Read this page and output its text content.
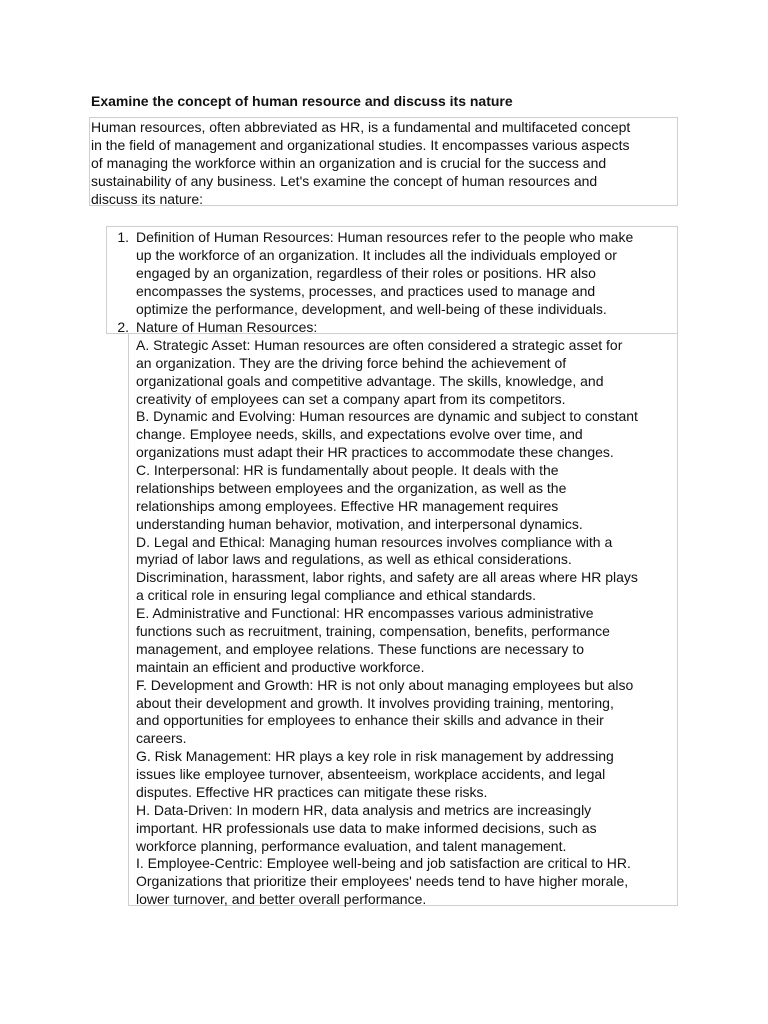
Examine the concept of human resource and discuss its nature
Human resources, often abbreviated as HR, is a fundamental and multifaceted concept
in the field of management and organizational studies. It encompasses various aspects
of managing the workforce within an organization and is crucial for the success and
sustainability of any business. Let's examine the concept of human resources and
discuss its nature:
1. Definition of Human Resources: Human resources refer to the people who make
up the workforce of an organization. It includes all the individuals employed or
engaged by an organization, regardless of their roles or positions. HR also
encompasses the systems, processes, and practices used to manage and
optimize the performance, development, and well-being of these individuals.
2. Nature of Human Resources:
A. Strategic Asset: Human resources are often considered a strategic asset for
an organization. They are the driving force behind the achievement of
organizational goals and competitive advantage. The skills, knowledge, and
creativity of employees can set a company apart from its competitors.
B. Dynamic and Evolving: Human resources are dynamic and subject to constant
change. Employee needs, skills, and expectations evolve over time, and
organizations must adapt their HR practices to accommodate these changes.
C. Interpersonal: HR is fundamentally about people. It deals with the
relationships between employees and the organization, as well as the
relationships among employees. Effective HR management requires
understanding human behavior, motivation, and interpersonal dynamics.
D. Legal and Ethical: Managing human resources involves compliance with a
myriad of labor laws and regulations, as well as ethical considerations.
Discrimination, harassment, labor rights, and safety are all areas where HR plays
a critical role in ensuring legal compliance and ethical standards.
E. Administrative and Functional: HR encompasses various administrative
functions such as recruitment, training, compensation, benefits, performance
management, and employee relations. These functions are necessary to
maintain an efficient and productive workforce.
F. Development and Growth: HR is not only about managing employees but also
about their development and growth. It involves providing training, mentoring,
and opportunities for employees to enhance their skills and advance in their
careers.
G. Risk Management: HR plays a key role in risk management by addressing
issues like employee turnover, absenteeism, workplace accidents, and legal
disputes. Effective HR practices can mitigate these risks.
H. Data-Driven: In modern HR, data analysis and metrics are increasingly
important. HR professionals use data to make informed decisions, such as
workforce planning, performance evaluation, and talent management.
I. Employee-Centric: Employee well-being and job satisfaction are critical to HR.
Organizations that prioritize their employees' needs tend to have higher morale,
lower turnover, and better overall performance.
